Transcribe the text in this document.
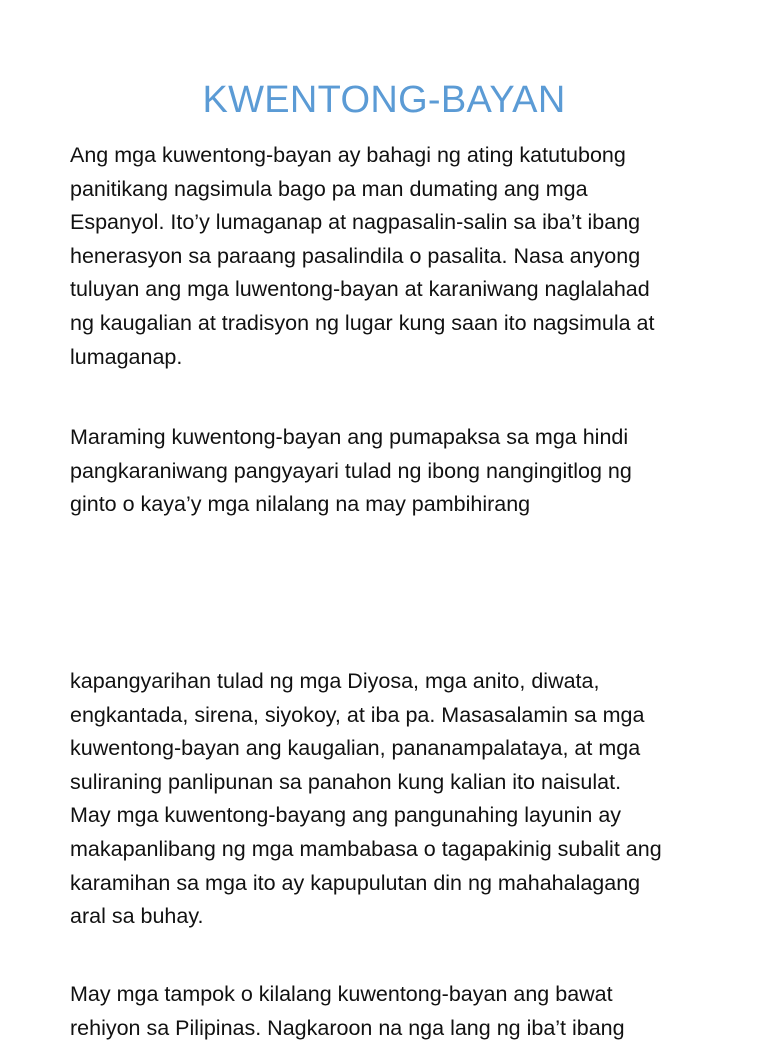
KWENTONG-BAYAN

Ang mga kuwentong-bayan ay bahagi ng ating katutubong
panitikang nagsimula bago pa man dumating ang mga
Espanyol. Ito’y lumaganap at nagpasalin-salin sa iba’t ibang
henerasyon sa paraang pasalindila o pasalita. Nasa anyong
tuluyan ang mga luwentong-bayan at karaniwang naglalahad
ng kaugalian at tradisyon ng lugar kung saan ito nagsimula at
lumaganap.

Maraming kuwentong-bayan ang pumapaksa sa mga hindi
pangkaraniwang pangyayari tulad ng ibong nangingitlog ng
ginto o kaya’y mga nilalang na may pambihirang

kapangyarihan tulad ng mga Diyosa, mga anito, diwata,
engkantada, sirena, siyokoy, at iba pa. Masasalamin sa mga
kuwentong-bayan ang kaugalian, pananampalataya, at mga
suliraning panlipunan sa panahon kung kalian ito naisulat.
May mga kuwentong-bayang ang pangunahing layunin ay
makapanlibang ng mga mambabasa o tagapakinig subalit ang
karamihan sa mga ito ay kapupulutan din ng mahahalagang
aral sa buhay.

May mga tampok o kilalang kuwentong-bayan ang bawat
rehiyon sa Pilipinas. Nagkaroon na nga lang ng iba’t ibang
